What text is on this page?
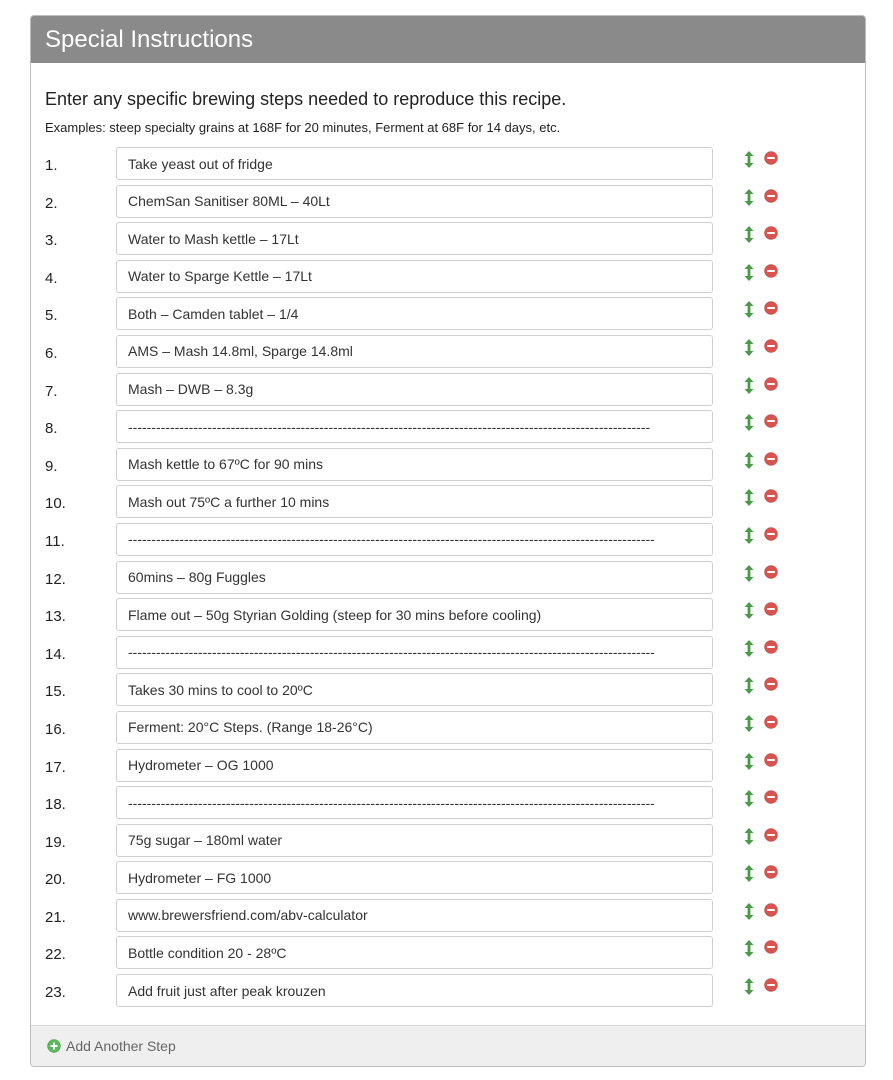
Special Instructions
Enter any specific brewing steps needed to reproduce this recipe.
Examples: steep specialty grains at 168F for 20 minutes, Ferment at 68F for 14 days, etc.
1.
Take yeast out of fridge
2.
ChemSan Sanitiser 80ML – 40Lt
3.
Water to Mash kettle – 17Lt
4.
Water to Sparge Kettle – 17Lt
5.
Both – Camden tablet – 1/4
6.
AMS – Mash 14.8ml, Sparge 14.8ml
7.
Mash – DWB – 8.3g
8.
----------------------------------------------------------------------------------------------------------------
9.
Mash kettle to 67ºC for 90 mins
10.
Mash out 75ºC a further 10 mins
11.
-----------------------------------------------------------------------------------------------------------------
12.
60mins – 80g Fuggles
13.
Flame out – 50g Styrian Golding (steep for 30 mins before cooling)
14.
-----------------------------------------------------------------------------------------------------------------
15.
Takes 30 mins to cool to 20ºC
16.
Ferment: 20°C Steps. (Range 18-26°C)
17.
Hydrometer – OG 1000
18.
-----------------------------------------------------------------------------------------------------------------
19.
75g sugar – 180ml water
20.
Hydrometer – FG 1000
21.
www.brewersfriend.com/abv-calculator
22.
Bottle condition 20 - 28ºC
23.
Add fruit just after peak krouzen
Add Another Step
